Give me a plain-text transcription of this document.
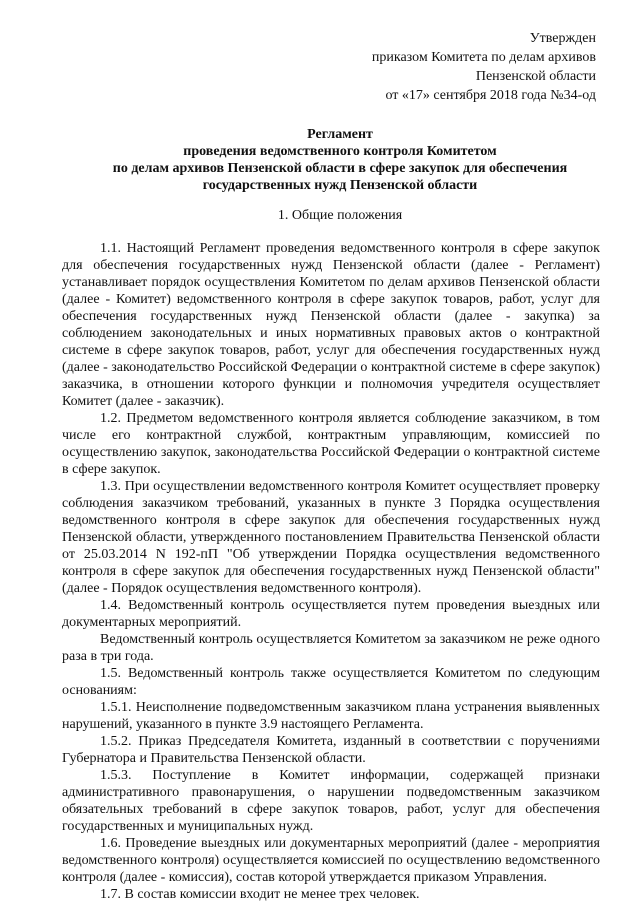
Утвержден
приказом Комитета по делам архивов
Пензенской области
от «17» сентября 2018 года №34-од
Регламент
проведения ведомственного контроля Комитетом
по делам архивов Пензенской области в сфере закупок для обеспечения
государственных нужд Пензенской области
1. Общие положения

1.1. Настоящий Регламент проведения ведомственного контроля в сфере закупок для обеспечения государственных нужд Пензенской области (далее - Регламент) устанавливает порядок осуществления Комитетом по делам архивов Пензенской области (далее - Комитет) ведомственного контроля в сфере закупок товаров, работ, услуг для обеспечения государственных нужд Пензенской области (далее - закупка) за соблюдением законодательных и иных нормативных правовых актов о контрактной системе в сфере закупок товаров, работ, услуг для обеспечения государственных нужд (далее - законодательство Российской Федерации о контрактной системе в сфере закупок) заказчика, в отношении которого функции и полномочия учредителя осуществляет Комитет (далее - заказчик).

1.2. Предметом ведомственного контроля является соблюдение заказчиком, в том числе его контрактной службой, контрактным управляющим, комиссией по осуществлению закупок, законодательства Российской Федерации о контрактной системе в сфере закупок.

1.3. При осуществлении ведомственного контроля Комитет осуществляет проверку соблюдения заказчиком требований, указанных в пункте 3 Порядка осуществления ведомственного контроля в сфере закупок для обеспечения государственных нужд Пензенской области, утвержденного постановлением Правительства Пензенской области от 25.03.2014 N 192-пП "Об утверждении Порядка осуществления ведомственного контроля в сфере закупок для обеспечения государственных нужд Пензенской области" (далее - Порядок осуществления ведомственного контроля).

1.4. Ведомственный контроль осуществляется путем проведения выездных или документарных мероприятий.

Ведомственный контроль осуществляется Комитетом за заказчиком не реже одного раза в три года.

1.5. Ведомственный контроль также осуществляется Комитетом по следующим основаниям:

1.5.1. Неисполнение подведомственным заказчиком плана устранения выявленных нарушений, указанного в пункте 3.9 настоящего Регламента.

1.5.2. Приказ Председателя Комитета, изданный в соответствии с поручениями Губернатора и Правительства Пензенской области.

1.5.3. Поступление в Комитет информации, содержащей признаки административного правонарушения, о нарушении подведомственным заказчиком обязательных требований в сфере закупок товаров, работ, услуг для обеспечения государственных и муниципальных нужд.

1.6. Проведение выездных или документарных мероприятий (далее - мероприятия ведомственного контроля) осуществляется комиссией по осуществлению ведомственного контроля (далее - комиссия), состав которой утверждается приказом Управления.

1.7. В состав комиссии входит не менее трех человек.
